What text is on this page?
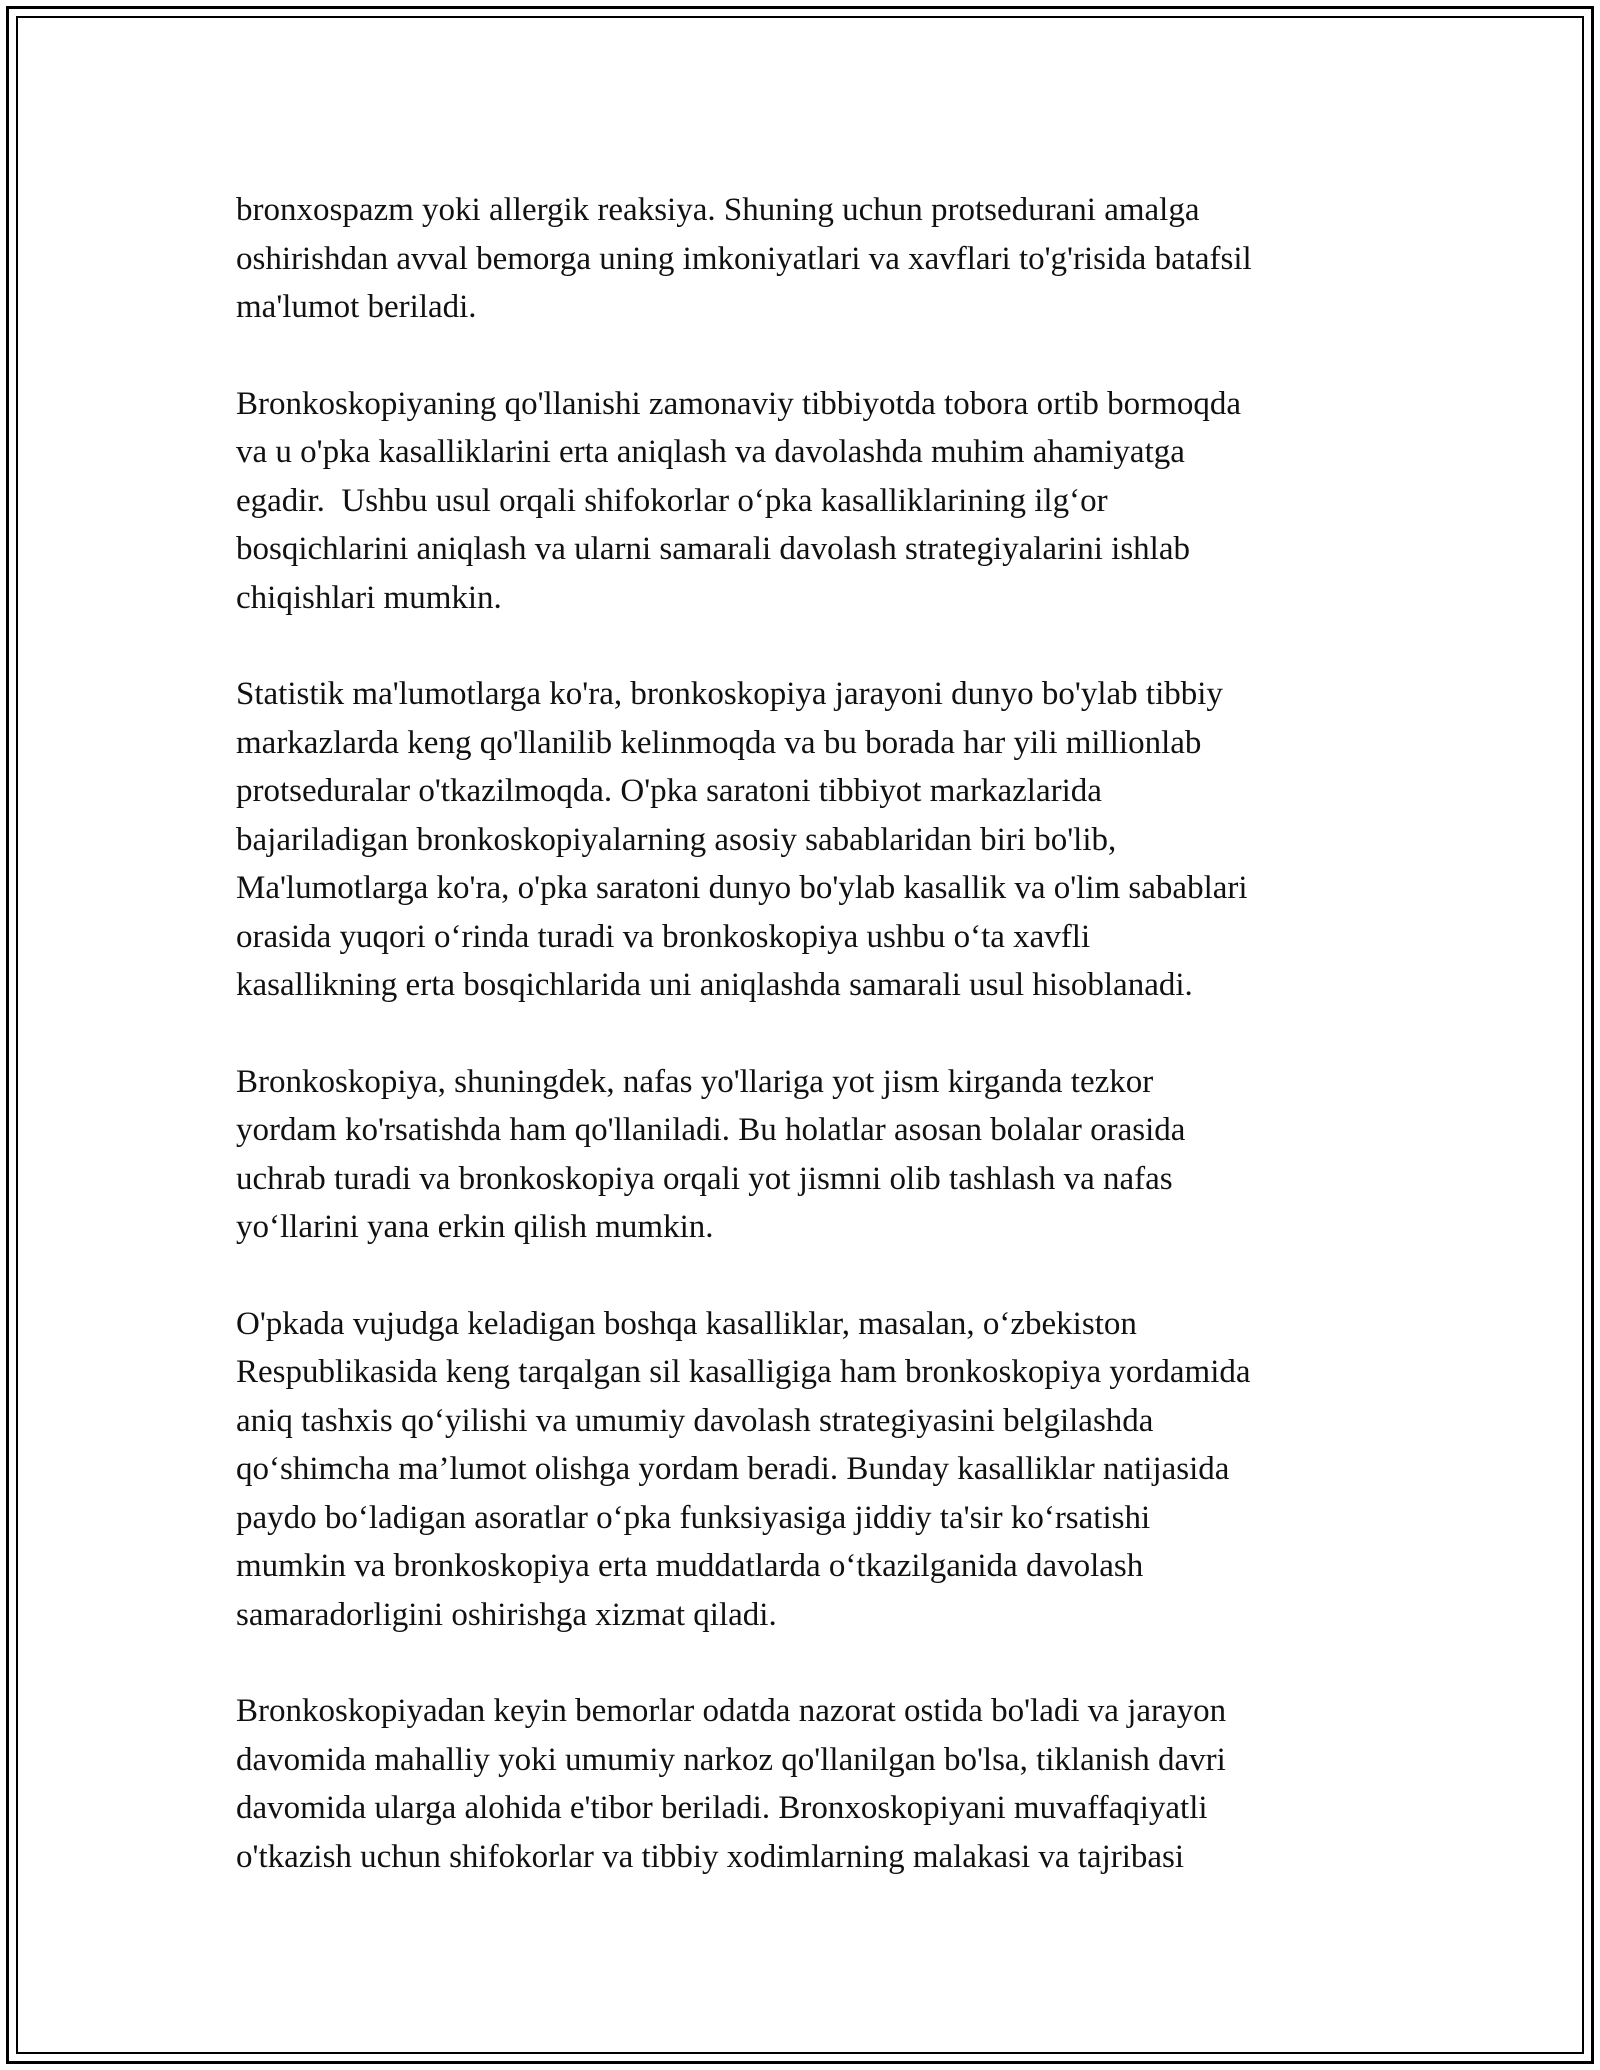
bronxospazm yoki allergik reaksiya. Shuning uchun protsedurani amalga
oshirishdan avval bemorga uning imkoniyatlari va xavflari to'g'risida batafsil
ma'lumot beriladi.

Bronkoskopiyaning qo'llanishi zamonaviy tibbiyotda tobora ortib bormoqda
va u o'pka kasalliklarini erta aniqlash va davolashda muhim ahamiyatga
egadir.  Ushbu usul orqali shifokorlar o‘pka kasalliklarining ilg‘or
bosqichlarini aniqlash va ularni samarali davolash strategiyalarini ishlab
chiqishlari mumkin.

Statistik ma'lumotlarga ko'ra, bronkoskopiya jarayoni dunyo bo'ylab tibbiy
markazlarda keng qo'llanilib kelinmoqda va bu borada har yili millionlab
protseduralar o'tkazilmoqda. O'pka saratoni tibbiyot markazlarida
bajariladigan bronkoskopiyalarning asosiy sabablaridan biri bo'lib,
Ma'lumotlarga ko'ra, o'pka saratoni dunyo bo'ylab kasallik va o'lim sabablari
orasida yuqori o‘rinda turadi va bronkoskopiya ushbu o‘ta xavfli
kasallikning erta bosqichlarida uni aniqlashda samarali usul hisoblanadi.

Bronkoskopiya, shuningdek, nafas yo'llariga yot jism kirganda tezkor
yordam ko'rsatishda ham qo'llaniladi. Bu holatlar asosan bolalar orasida
uchrab turadi va bronkoskopiya orqali yot jismni olib tashlash va nafas
yo‘llarini yana erkin qilish mumkin.

O'pkada vujudga keladigan boshqa kasalliklar, masalan, o‘zbekiston
Respublikasida keng tarqalgan sil kasalligiga ham bronkoskopiya yordamida
aniq tashxis qo‘yilishi va umumiy davolash strategiyasini belgilashda
qo‘shimcha ma’lumot olishga yordam beradi. Bunday kasalliklar natijasida
paydo bo‘ladigan asoratlar o‘pka funksiyasiga jiddiy ta'sir ko‘rsatishi
mumkin va bronkoskopiya erta muddatlarda o‘tkazilganida davolash
samaradorligini oshirishga xizmat qiladi.

Bronkoskopiyadan keyin bemorlar odatda nazorat ostida bo'ladi va jarayon
davomida mahalliy yoki umumiy narkoz qo'llanilgan bo'lsa, tiklanish davri
davomida ularga alohida e'tibor beriladi. Bronxoskopiyani muvaffaqiyatli
o'tkazish uchun shifokorlar va tibbiy xodimlarning malakasi va tajribasi
